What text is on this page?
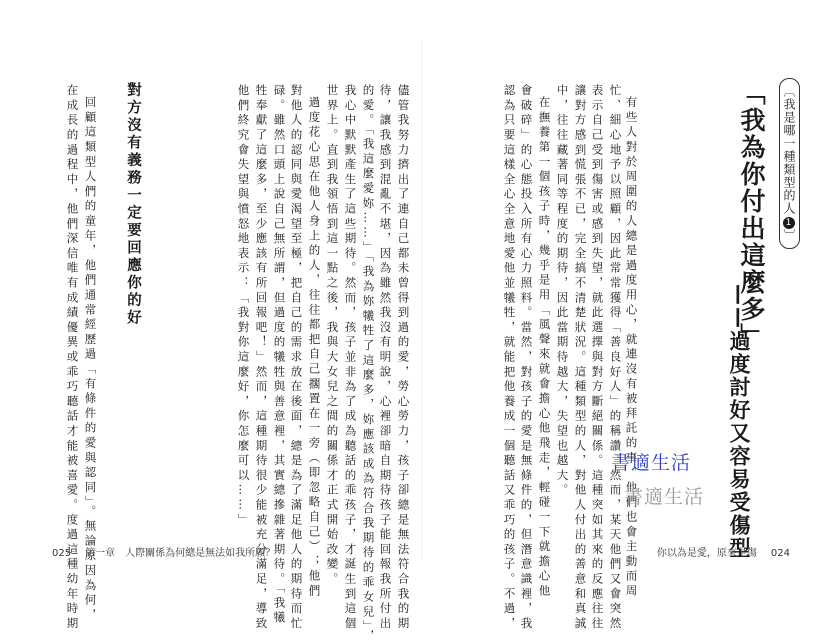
〔我是哪一種類型的人1〕
「我為你付出這麼多」
——過度討好又容易受傷型
有些人對於周圍的人總是過度用心，就連沒有被拜託的事，他們也會主動而周
忙、細心地予以照顧，因此常常獲得「善良好人」的稱讚。然而，某天他們又會突然
表示自己受到傷害或感到失望，就此選擇與對方斷絕關係。這種突如其來的反應往往
讓對方感到慌張不已，完全搞不清楚狀況。這種類型的人，對他人付出的善意和真誠
中，往往藏著同等程度的期待，因此當期待越大，失望也越大。
在撫養第一個孩子時，幾乎是用「風聲來就會擔心他飛走，輕碰一下就擔心他
會破碎」的心態投入所有心力照料。當然，對孩子的愛是無條件的，但潛意識裡，我
認為只要這樣全心全意地愛他並犧牲，就能把他養成一個聽話又乖巧的孩子。不過，
儘管我努力擠出了連自己都未曾得到過的愛，勞心勞力，孩子卻總是無法符合我的期
待，讓我感到混亂不堪，因為雖然我沒有明說，心裡卻暗自期待孩子能回報我所付出
的愛。「我這麼愛妳……」「我為妳犧牲了這麼多，妳應該成為符合我期待的乖女兒」，
我心中默默產生了這些期待。然而，孩子並非為了成為聽話的乖孩子，才誕生到這個
世界上。直到我領悟到這一點之後，我與大女兒之間的關係才正式開始改變。
過度花心思在他人身上的人，往往都把自己擱置在一旁（即忽略自己）；他們
對他人的認同與愛渴望至極，把自己的需求放在後面，總是為了滿足他人的期待而忙
碌。雖然口頭上說自己無所謂，但過度的犧牲與善意裡，其實總摻雜著期待。「我犧
牲奉獻了這麼多，至少應該有所回報吧！」然而，這種期待很少能被充分滿足，導致
他們終究會失望與憤怒地表示：「我對你這麼好，你怎麼可以……」
對方沒有義務一定要回應你的好
回顧這類型人們的童年，他們通常經歷過「有條件的愛與認同」。無論原因為何，
在成長的過程中，他們深信唯有成績優異或乖巧聽話才能被喜愛。度過這種幼年時期
025 第一章　人際關係為何總是無法如我所願？	你以為是愛，原來是傷 024
書適生活
書適生活
